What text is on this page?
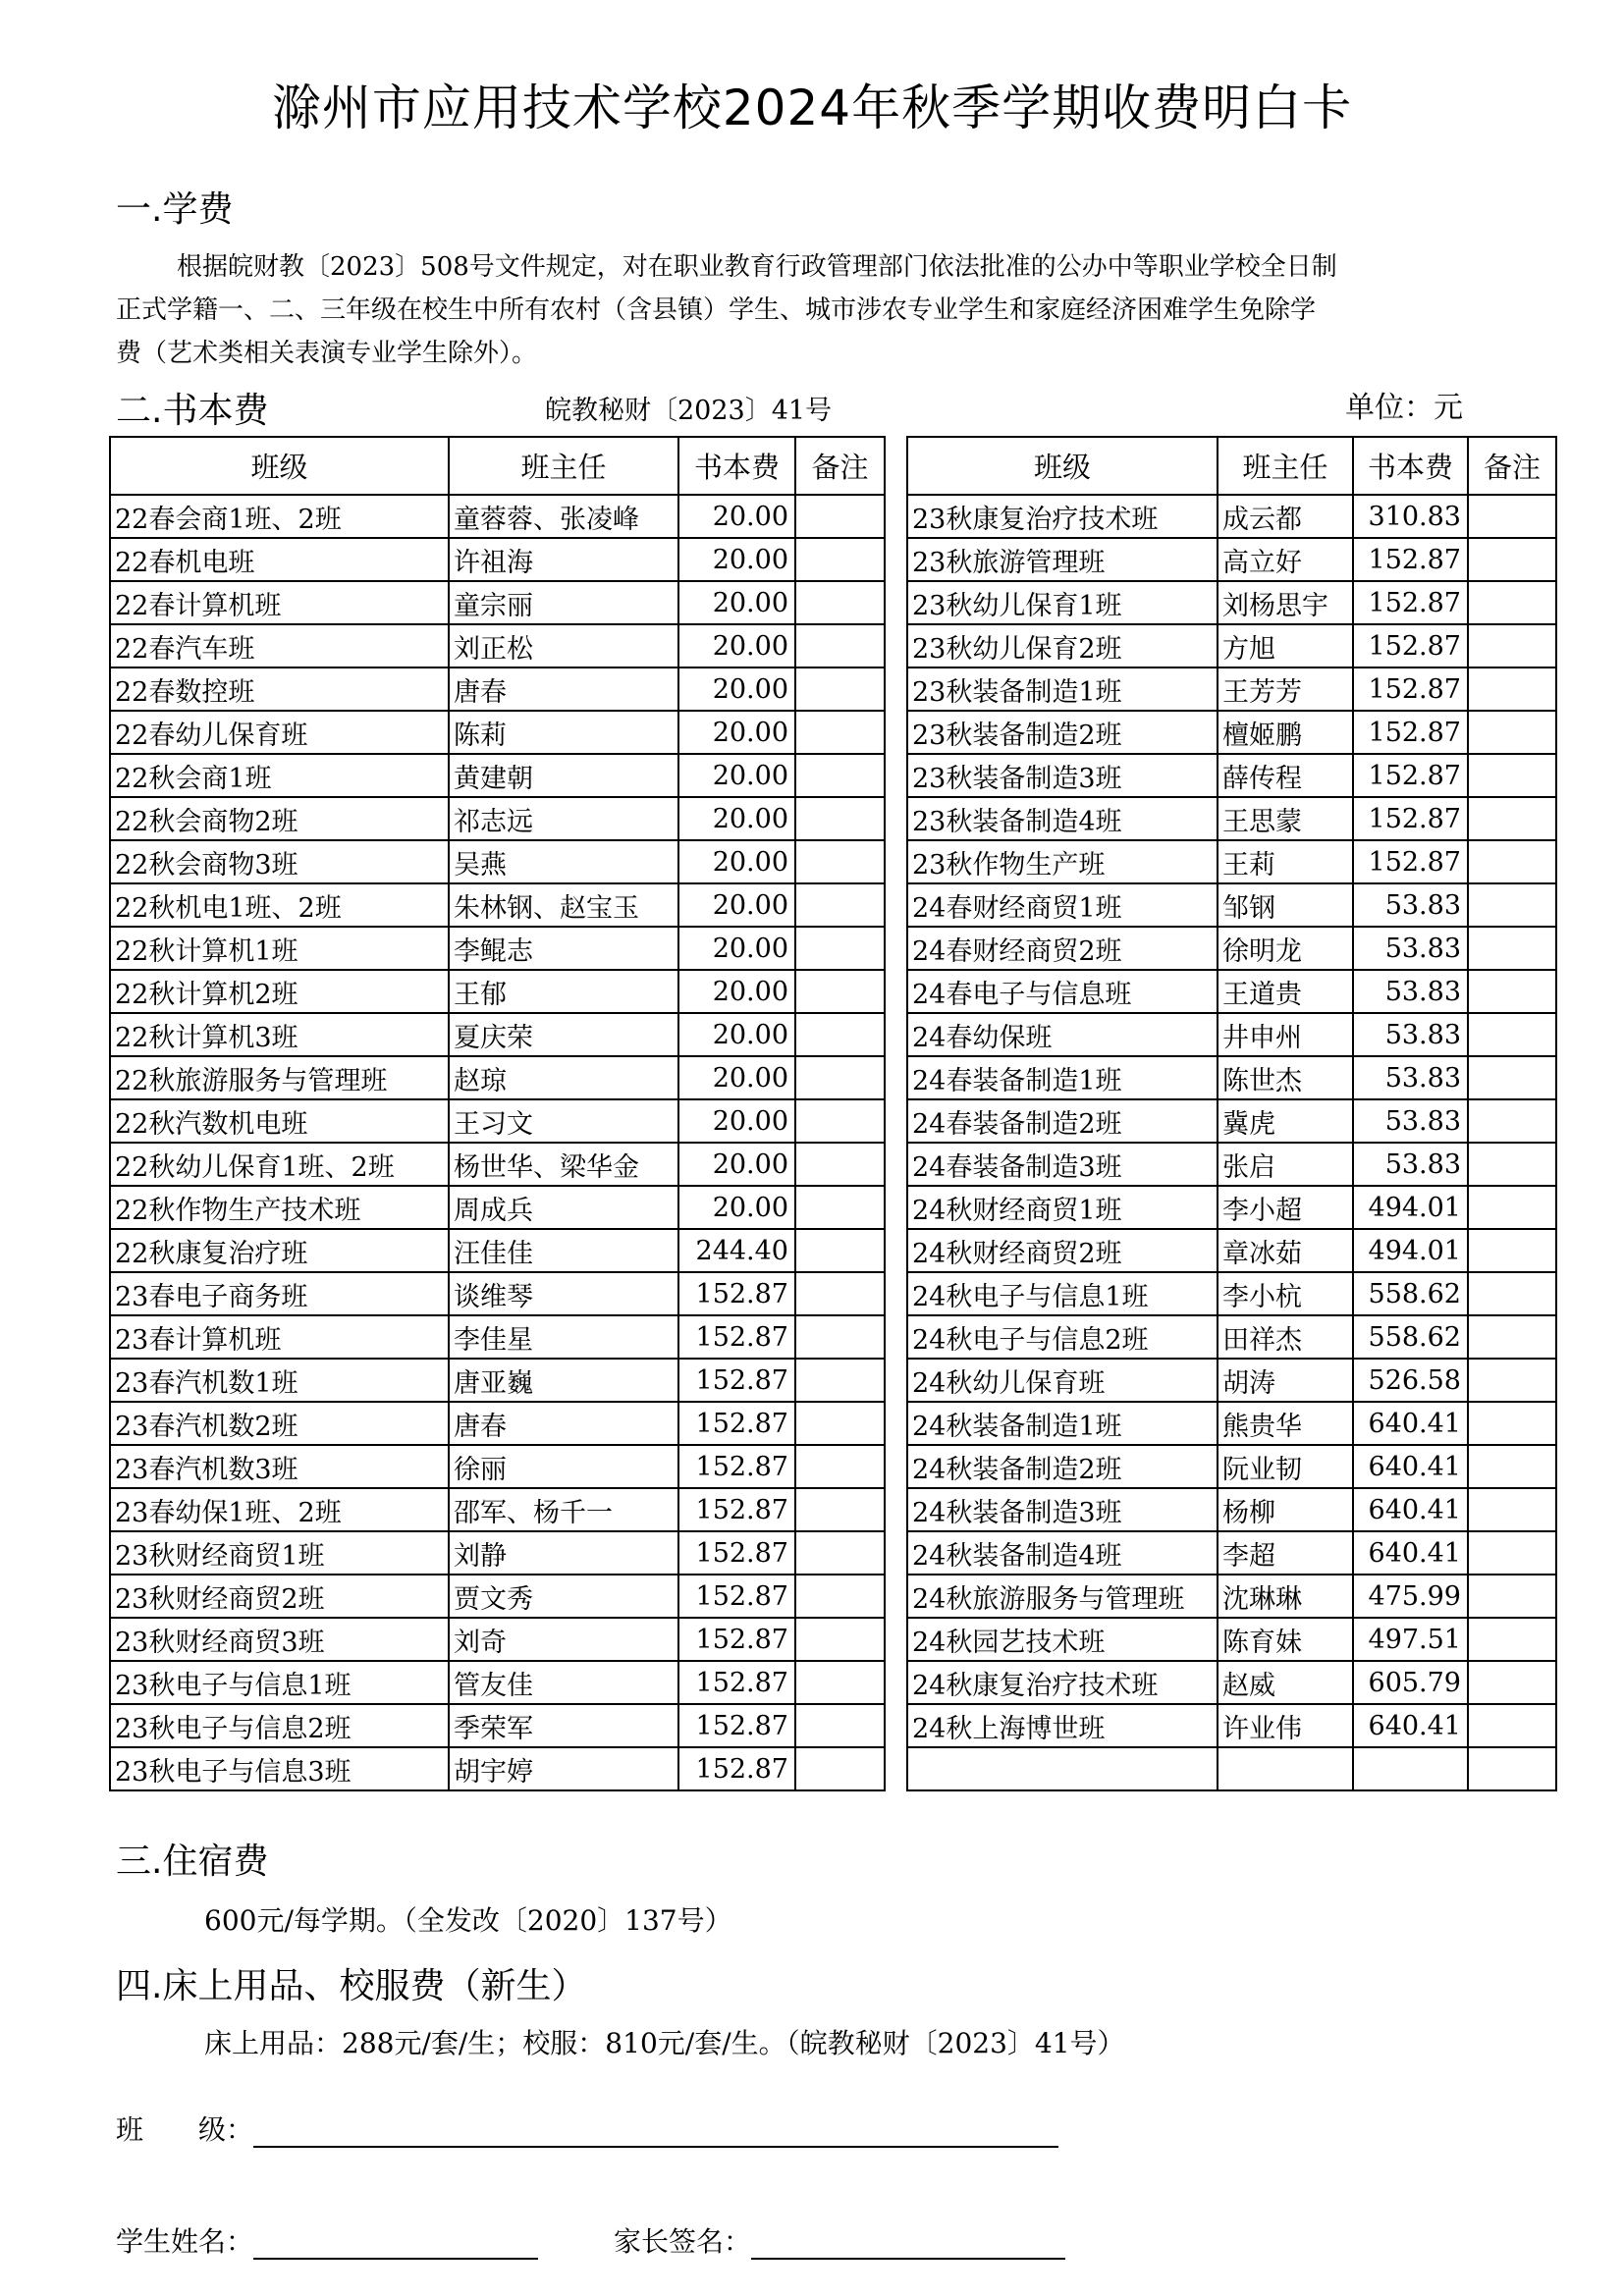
滁州市应用技术学校2024年秋季学期收费明白卡
一.学费

根据皖财教〔2023〕508号文件规定，对在职业教育行政管理部门依法批准的公办中等职业学校全日制

正式学籍一、二、三年级在校生中所有农村（含县镇）学生、城市涉农专业学生和家庭经济困难学生免除学

费（艺术类相关表演专业学生除外）。

二.书本费	皖教秘财〔2023〕41号	单位：元
班级	班主任	书本费	备注
22春会商1班、2班	童蓉蓉、张凌峰	20.00	
22春机电班	许祖海	20.00	
22春计算机班	童宗丽	20.00	
22春汽车班	刘正松	20.00	
22春数控班	唐春	20.00	
22春幼儿保育班	陈莉	20.00	
22秋会商1班	黄建朝	20.00	
22秋会商物2班	祁志远	20.00	
22秋会商物3班	吴燕	20.00	
22秋机电1班、2班	朱林钢、赵宝玉	20.00	
22秋计算机1班	李鲲志	20.00	
22秋计算机2班	王郁	20.00	
22秋计算机3班	夏庆荣	20.00	
22秋旅游服务与管理班	赵琼	20.00	
22秋汽数机电班	王习文	20.00	
22秋幼儿保育1班、2班	杨世华、梁华金	20.00	
22秋作物生产技术班	周成兵	20.00	
22秋康复治疗班	汪佳佳	244.40	
23春电子商务班	谈维琴	152.87	
23春计算机班	李佳星	152.87	
23春汽机数1班	唐亚巍	152.87	
23春汽机数2班	唐春	152.87	
23春汽机数3班	徐丽	152.87	
23春幼保1班、2班	邵军、杨千一	152.87	
23秋财经商贸1班	刘静	152.87	
23秋财经商贸2班	贾文秀	152.87	
23秋财经商贸3班	刘奇	152.87	
23秋电子与信息1班	管友佳	152.87	
23秋电子与信息2班	季荣军	152.87	
23秋电子与信息3班	胡宇婷	152.87	
班级	班主任	书本费	备注
23秋康复治疗技术班	成云都	310.83	
23秋旅游管理班	高立好	152.87	
23秋幼儿保育1班	刘杨思宇	152.87	
23秋幼儿保育2班	方旭	152.87	
23秋装备制造1班	王芳芳	152.87	
23秋装备制造2班	檀姬鹏	152.87	
23秋装备制造3班	薛传程	152.87	
23秋装备制造4班	王思蒙	152.87	
23秋作物生产班	王莉	152.87	
24春财经商贸1班	邹钢	53.83	
24春财经商贸2班	徐明龙	53.83	
24春电子与信息班	王道贵	53.83	
24春幼保班	井申州	53.83	
24春装备制造1班	陈世杰	53.83	
24春装备制造2班	冀虎	53.83	
24春装备制造3班	张启	53.83	
24秋财经商贸1班	李小超	494.01	
24秋财经商贸2班	章冰茹	494.01	
24秋电子与信息1班	李小杭	558.62	
24秋电子与信息2班	田祥杰	558.62	
24秋幼儿保育班	胡涛	526.58	
24秋装备制造1班	熊贵华	640.41	
24秋装备制造2班	阮业韧	640.41	
24秋装备制造3班	杨柳	640.41	
24秋装备制造4班	李超	640.41	
24秋旅游服务与管理班	沈琳琳	475.99	
24秋园艺技术班	陈育妹	497.51	
24秋康复治疗技术班	赵威	605.79	
24秋上海博世班	许业伟	640.41	

三.住宿费
600元/每学期。（全发改〔2020〕137号）
四.床上用品、校服费（新生）
床上用品：288元/套/生；校服：810元/套/生。（皖教秘财〔2023〕41号）
班　　级：
学生姓名：	家长签名：
